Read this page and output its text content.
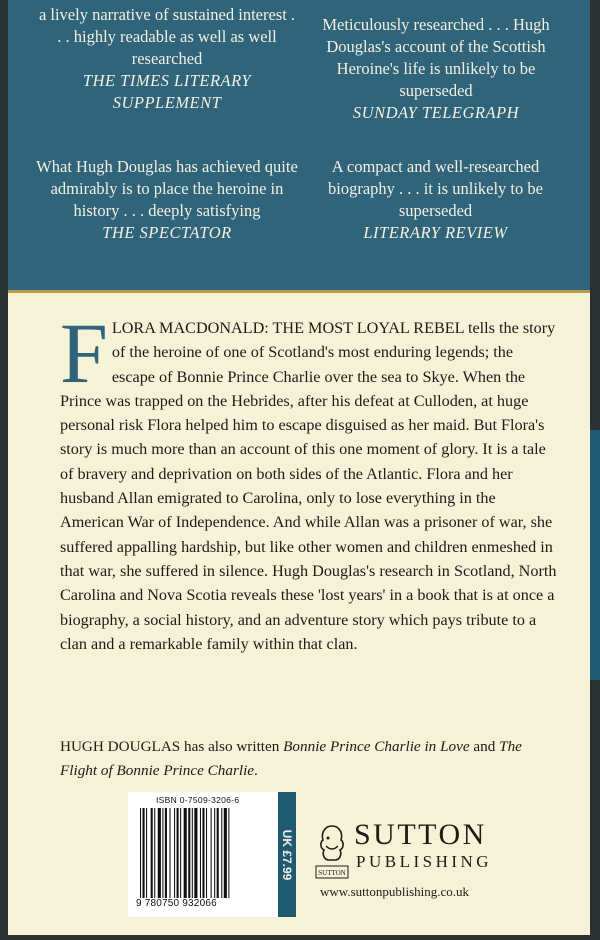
a lively narrative of sustained interest . . . highly readable as well as well researched
THE TIMES LITERARY SUPPLEMENT
Meticulously researched . . . Hugh Douglas's account of the Scottish Heroine's life is unlikely to be superseded
SUNDAY TELEGRAPH
What Hugh Douglas has achieved quite admirably is to place the heroine in history . . . deeply satisfying
THE SPECTATOR
A compact and well-researched biography . . . it is unlikely to be superseded
LITERARY REVIEW
FLORA MACDONALD: THE MOST LOYAL REBEL tells the story of the heroine of one of Scotland's most enduring legends; the escape of Bonnie Prince Charlie over the sea to Skye. When the Prince was trapped on the Hebrides, after his defeat at Culloden, at huge personal risk Flora helped him to escape disguised as her maid. But Flora's story is much more than an account of this one moment of glory. It is a tale of bravery and deprivation on both sides of the Atlantic. Flora and her husband Allan emigrated to Carolina, only to lose everything in the American War of Independence. And while Allan was a prisoner of war, she suffered appalling hardship, but like other women and children enmeshed in that war, she suffered in silence. Hugh Douglas's research in Scotland, North Carolina and Nova Scotia reveals these 'lost years' in a book that is at once a biography, a social history, and an adventure story which pays tribute to a clan and a remarkable family within that clan.
HUGH DOUGLAS has also written Bonnie Prince Charlie in Love and The Flight of Bonnie Prince Charlie.
ISBN 0-7509-3206-6
9 780750 932066
UK £7.99	SUTTON
SUTTON
PUBLISHING
www.suttonpublishing.co.uk
